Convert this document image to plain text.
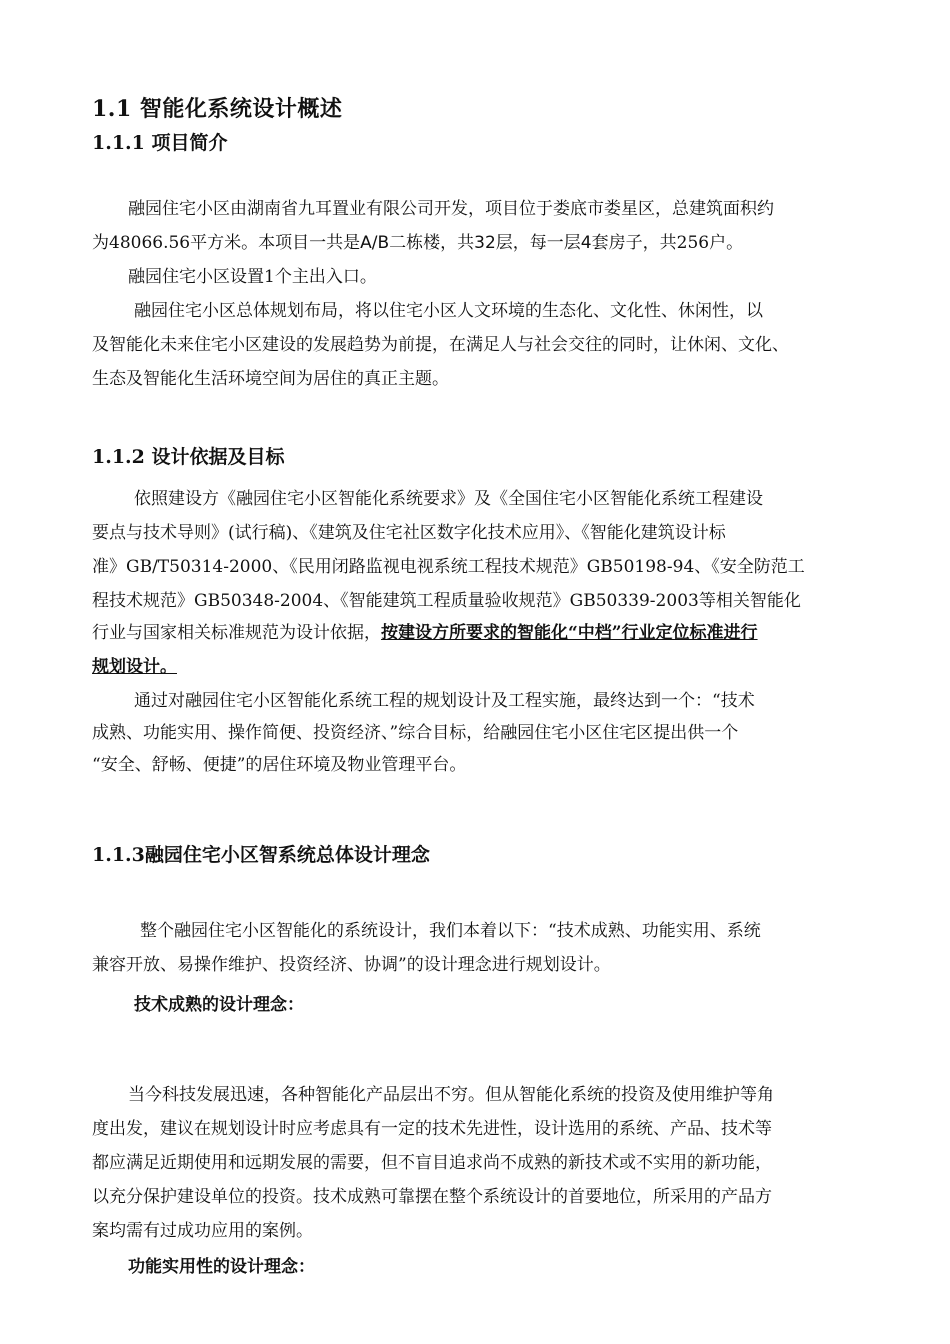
1.1 智能化系统设计概述
1.1.1 项目简介
融园住宅小区由湖南省九耳置业有限公司开发，项目位于娄底市娄星区，总建筑面积约
为48066.56平方米。本项目一共是A/B二栋楼，共32层，每一层4套房子，共256户。
融园住宅小区设置1个主出入口。
融园住宅小区总体规划布局，将以住宅小区人文环境的生态化、文化性、休闲性，以
及智能化未来住宅小区建设的发展趋势为前提，在满足人与社会交往的同时，让休闲、文化、
生态及智能化生活环境空间为居住的真正主题。
1.1.2 设计依据及目标
依照建设方《融园住宅小区智能化系统要求》及《全国住宅小区智能化系统工程建设
要点与技术导则》(试行稿)、《建筑及住宅社区数字化技术应用》、《智能化建筑设计标
准》GB/T50314-2000、《民用闭路监视电视系统工程技术规范》GB50198-94、《安全防范工
程技术规范》GB50348-2004、《智能建筑工程质量验收规范》GB50339-2003等相关智能化
行业与国家相关标准规范为设计依据，按建设方所要求的智能化“中档”行业定位标准进行
规划设计。
通过对融园住宅小区智能化系统工程的规划设计及工程实施，最终达到一个：“技术
成熟、功能实用、操作简便、投资经济、”综合目标，给融园住宅小区住宅区提出供一个
“安全、舒畅、便捷”的居住环境及物业管理平台。
1.1.3融园住宅小区智系统总体设计理念
整个融园住宅小区智能化的系统设计，我们本着以下：“技术成熟、功能实用、系统
兼容开放、易操作维护、投资经济、协调”的设计理念进行规划设计。
技术成熟的设计理念：
当今科技发展迅速，各种智能化产品层出不穷。但从智能化系统的投资及使用维护等角
度出发，建议在规划设计时应考虑具有一定的技术先进性，设计选用的系统、产品、技术等
都应满足近期使用和远期发展的需要，但不盲目追求尚不成熟的新技术或不实用的新功能，
以充分保护建设单位的投资。技术成熟可靠摆在整个系统设计的首要地位，所采用的产品方
案均需有过成功应用的案例。
功能实用性的设计理念：
